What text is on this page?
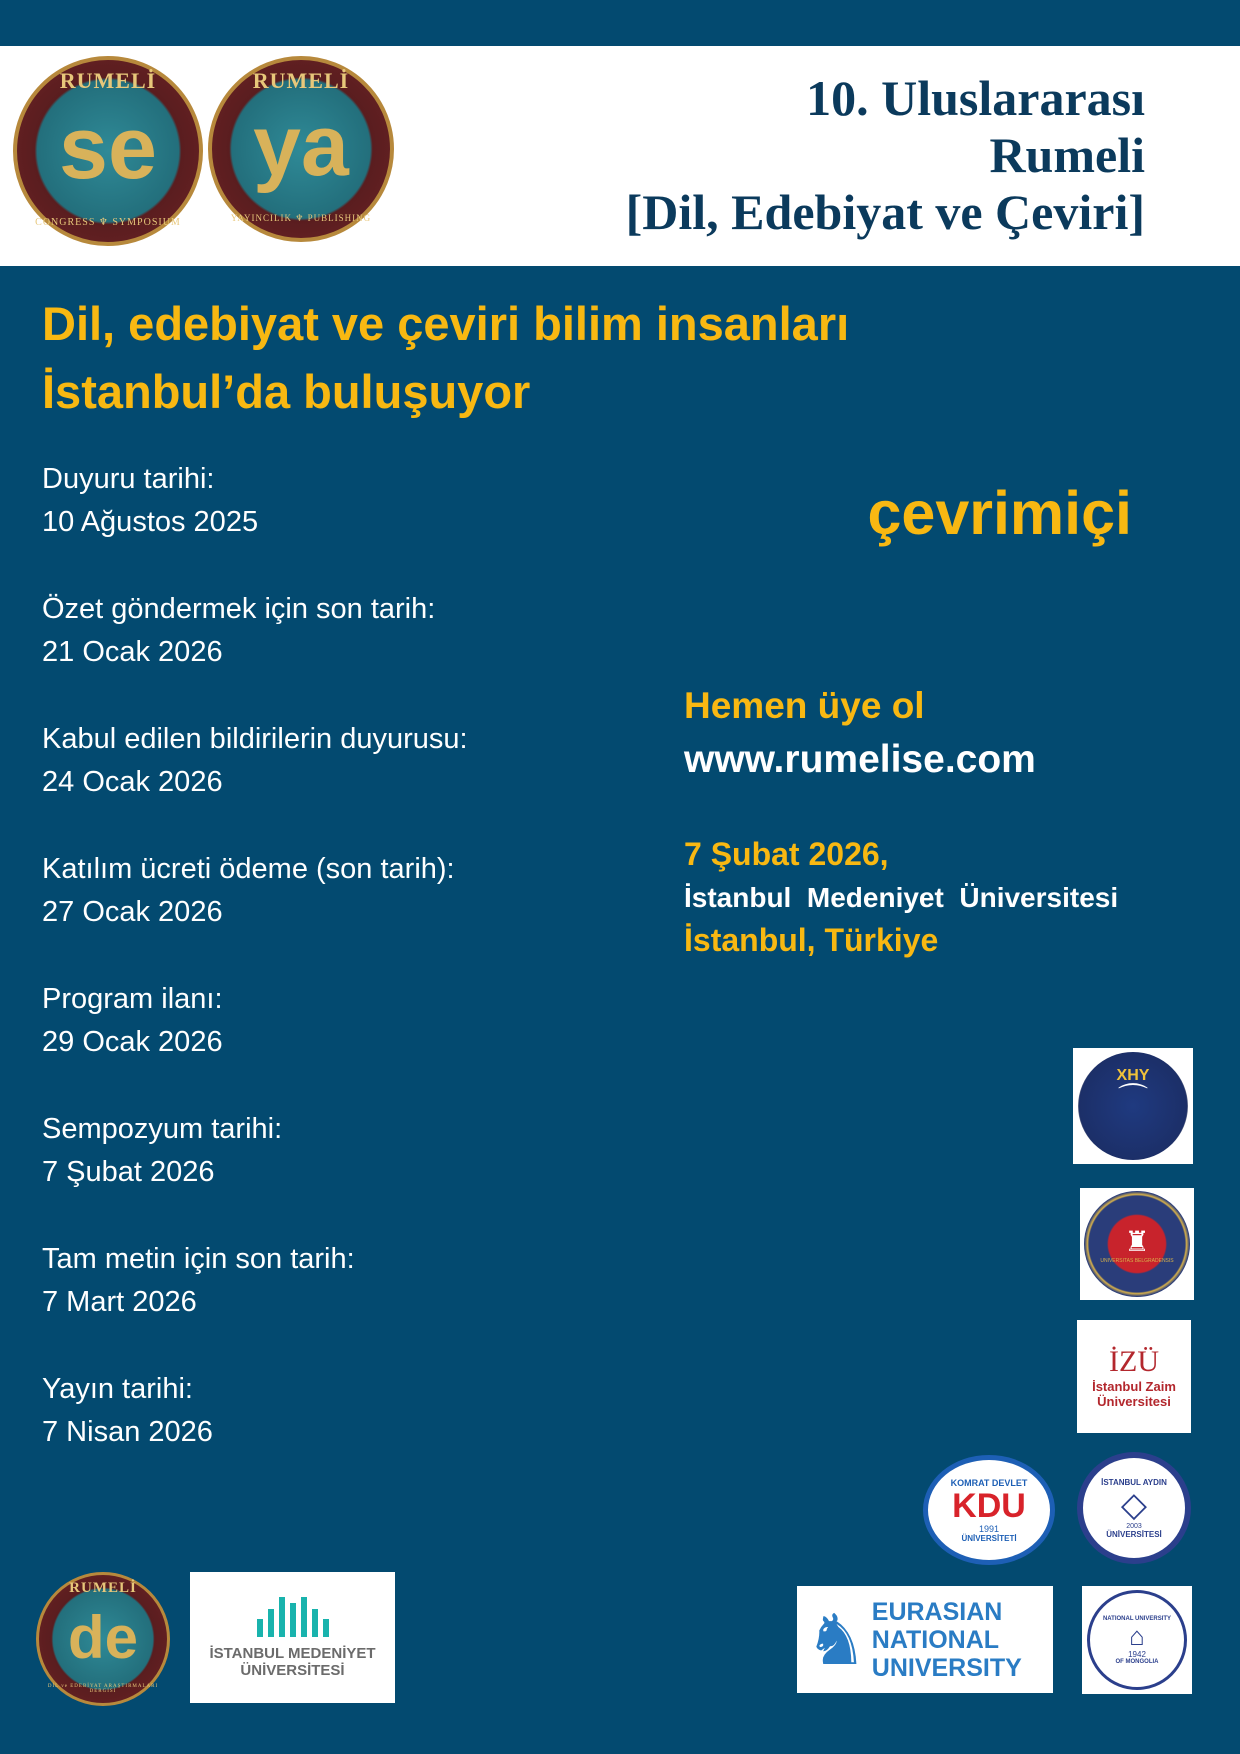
RUMELİ
se
CONGRESS ♆ SYMPOSIUM
RUMELİ
ya
YAYINCILIK ♆ PUBLISHING
10. Uluslararası
Rumeli
[Dil, Edebiyat ve Çeviri]
Dil, edebiyat ve çeviri bilim insanları
İstanbul’da buluşuyor
Duyuru tarihi:
10 Ağustos 2025
Özet göndermek için son tarih:
21 Ocak 2026
Kabul edilen bildirilerin duyurusu:
24 Ocak 2026
Katılım ücreti ödeme (son tarih):
27 Ocak 2026
Program ilanı:
29 Ocak 2026
Sempozyum tarihi:
7 Şubat 2026
Tam metin için son tarih:
7 Mart 2026
Yayın tarihi:
7 Nisan 2026
çevrimiçi
Hemen üye ol
www.rumelise.com
7 Şubat 2026,
İstanbul  Medeniyet  Üniversitesi
İstanbul, Türkiye
XHY
⌒
♜
UNIVERSITAS BELGRADENSIS
İZÜ
İstanbul Zaim
Üniversitesi
KOMRAT DEVLET
KDU
1991
ÜNİVERSİTETİ
İSTANBUL AYDIN
◇
2003
ÜNİVERSİTESİ
♞ EURASIAN
NATIONAL
UNIVERSITY
NATIONAL UNIVERSITY
⌂
1942
OF MONGOLIA
RUMELİ
de
DİL ve EDEBİYAT ARAŞTIRMALARI DERGİSİ
İSTANBUL MEDENİYET
ÜNİVERSİTESİ
